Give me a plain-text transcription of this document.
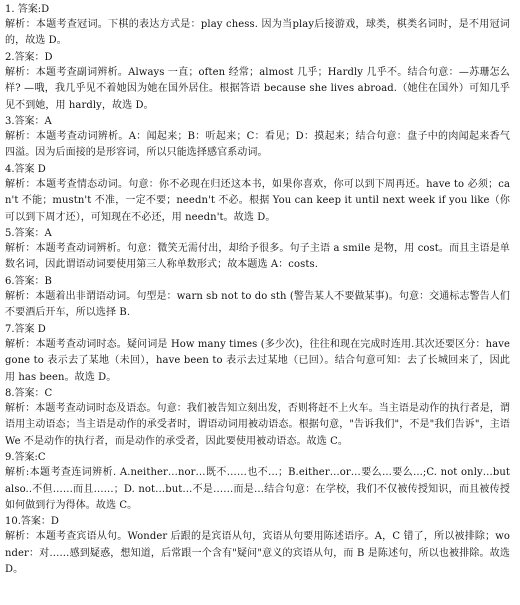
1. 答案:D

解析：本题考查冠词。下棋的表达方式是：play chess. 因为当play后接游戏，球类，棋类名词时，是不用冠词的，故选 D。

2.答案：D

解析：本题考查副词辨析。Always 一直；often 经常；almost 几乎；Hardly 几乎不。结合句意：—苏珊怎么样? —哦，我几乎见不着她因为她在国外居住。根据答语 because she lives abroad.（她住在国外）可知几乎见不到她，用 hardly，故选 D。

3.答案：A

解析：本题考查动词辨析。A：闻起来；B：听起来；C：看见；D：摸起来；结合句意：盘子中的肉闻起来香气四溢。因为后面接的是形容词，所以只能选择感官系动词。

4.答案 D

解析：本题考查情态动词。句意：你不必现在归还这本书，如果你喜欢，你可以到下周再还。have to 必须；can't 不能；mustn't 不准，一定不要；needn't 不必。根据 You can keep it until next week if you like（你可以到下周才还），可知现在不必还，用 needn't。故选 D。

5.答案：A

解析：本题考查动词辨析。句意：微笑无需付出，却给予很多。句子主语 a smile 是物，用 cost。而且主语是单数名词，因此谓语动词要使用第三人称单数形式；故本题选 A：costs.

6.答案：B

解析：本题着出非谓语动词。句型是：warn sb not to do sth (警告某人不要做某事)。句意：交通标志警告人们不要酒后开车，所以选择 B.

7.答案 D

解析：本题考查动词时态。疑问词是 How many times (多少次)，往往和现在完成时连用.其次还要区分：have gone to 表示去了某地（未回），have been to 表示去过某地（已回）。结合句意可知：去了长城回来了，因此用 has been。故选 D。

8.答案：C

解析：本题考查动词时态及语态。句意：我们被告知立刻出发，否则将赶不上火车。当主语是动作的执行者是，谓语用主动语态；当主语是动作的承受者时，谓语动词用被动语态。根据句意，"告诉我们"，不是"我们告诉"，主语 We 不是动作的执行者，而是动作的承受者，因此要使用被动语态。故选 C。

9.答案:C

解析:本题考查连词辨析. A.neither…nor…既不……也不...；B.either…or…要么...要么...;C. not only…but also..不但……而且……；D. not…but…不是……而是…结合句意：在学校，我们不仅被传授知识，而且被传授如何做到行为得体。故选 C。

10.答案：D

解析：本题考查宾语从句。Wonder 后跟的是宾语从句，宾语从句要用陈述语序。A，C 错了，所以被排除；wonder：对……感到疑惑，想知道，后常跟一个含有"疑问"意义的宾语从句，而 B 是陈述句，所以也被排除。故选 D。
